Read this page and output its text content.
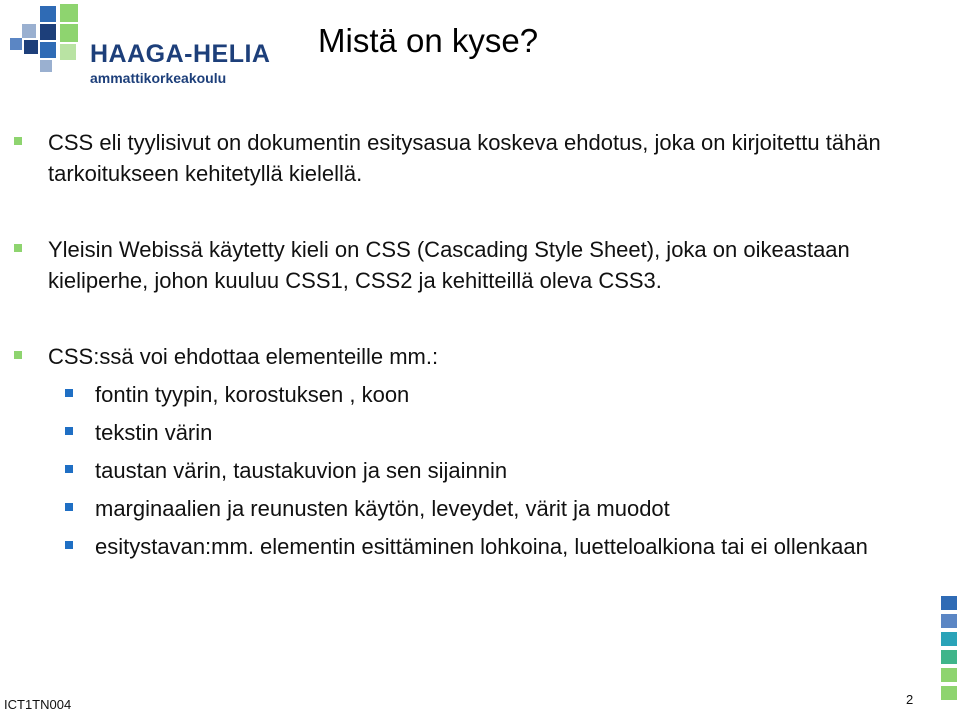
HAAGA-HELIA
ammattikorkeakoulu
Mistä on kyse?
CSS eli tyylisivut on dokumentin esitysasua koskeva ehdotus, joka on kirjoitettu tähän tarkoitukseen kehitetyllä kielellä.
Yleisin Webissä käytetty kieli on CSS (Cascading Style Sheet), joka on oikeastaan kieliperhe, johon kuuluu CSS1, CSS2 ja kehitteillä oleva CSS3.
CSS:ssä voi ehdottaa elementeille mm.:
fontin tyypin, korostuksen , koon
tekstin värin
taustan värin, taustakuvion ja sen sijainnin
marginaalien ja reunusten käytön, leveydet, värit ja muodot
esitystavan:mm. elementin esittäminen lohkoina, luetteloalkiona tai ei ollenkaan
ICT1TN004	2
